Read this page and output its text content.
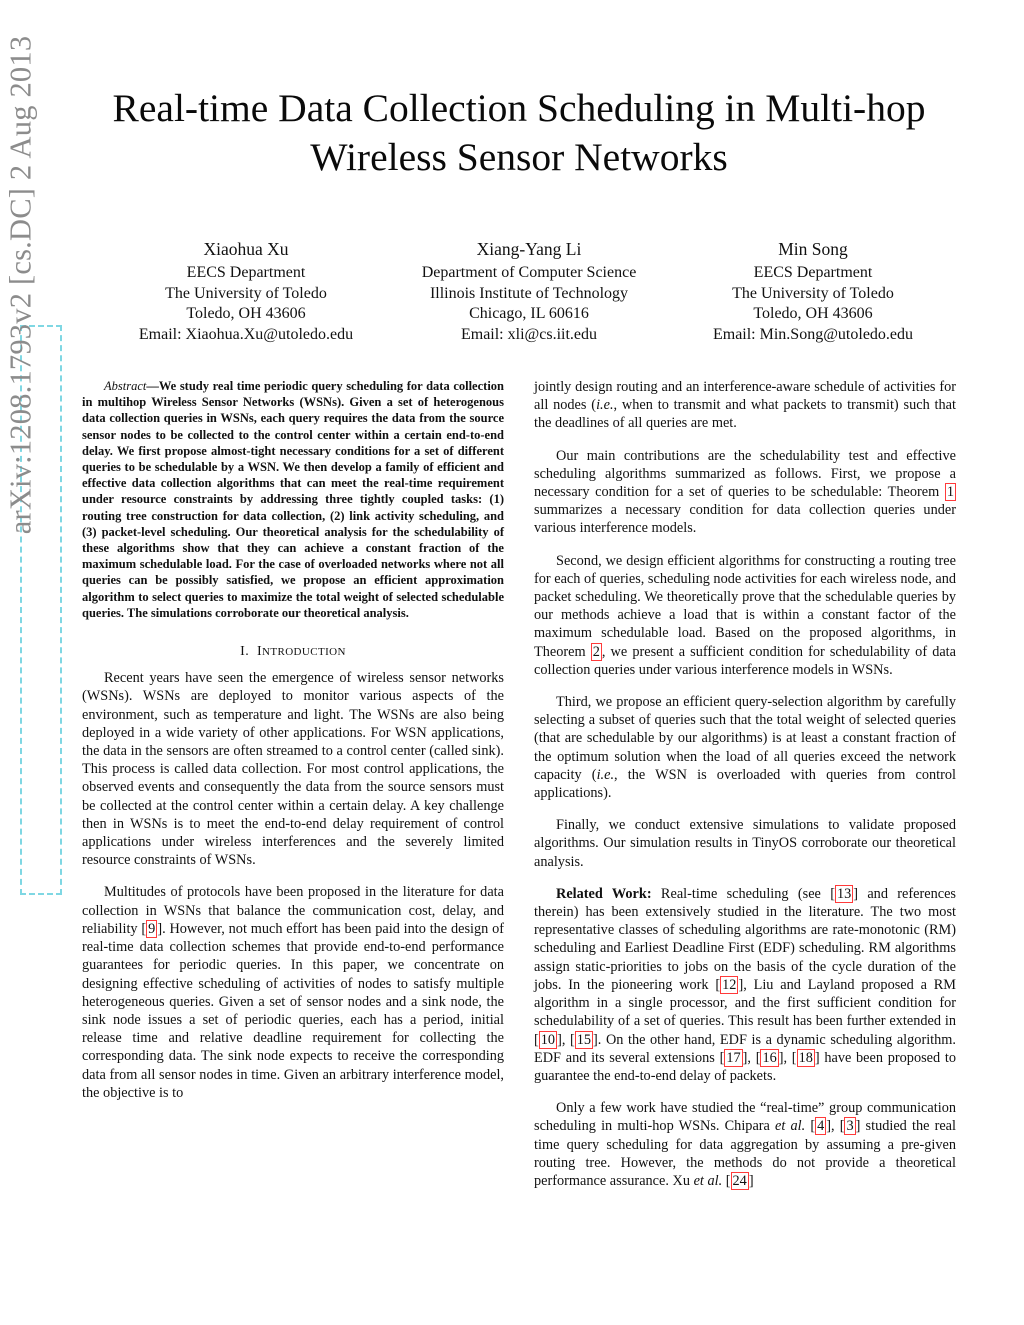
arXiv:1208.1793v2 [cs.DC] 2 Aug 2013	Real-time Data Collection Scheduling in Multi-hop Wireless Sensor Networks
Xiaohua Xu
EECS Department
The University of Toledo
Toledo, OH 43606
Email: Xiaohua.Xu@utoledo.edu
Xiang-Yang Li
Department of Computer Science
Illinois Institute of Technology
Chicago, IL 60616
Email: xli@cs.iit.edu
Min Song
EECS Department
The University of Toledo
Toledo, OH 43606
Email: Min.Song@utoledo.edu

Abstract—We study real time periodic query scheduling for data collection in multihop Wireless Sensor Networks (WSNs). Given a set of heterogenous data collection queries in WSNs, each query requires the data from the source sensor nodes to be collected to the control center within a certain end-to-end delay. We first propose almost-tight necessary conditions for a set of different queries to be schedulable by a WSN. We then develop a family of efficient and effective data collection algorithms that can meet the real-time requirement under resource constraints by addressing three tightly coupled tasks: (1) routing tree construction for data collection, (2) link activity scheduling, and (3) packet-level scheduling. Our theoretical analysis for the schedulability of these algorithms show that they can achieve a constant fraction of the maximum schedulable load. For the case of overloaded networks where not all queries can be possibly satisfied, we propose an efficient approximation algorithm to select queries to maximize the total weight of selected schedulable queries. The simulations corroborate our theoretical analysis.

I. INTRODUCTION

Recent years have seen the emergence of wireless sensor networks (WSNs). WSNs are deployed to monitor various aspects of the environment, such as temperature and light. The WSNs are also being deployed in a wide variety of other applications. For WSN applications, the data in the sensors are often streamed to a control center (called sink). This process is called data collection. For most control applications, the observed events and consequently the data from the source sensors must be collected at the control center within a certain delay. A key challenge then in WSNs is to meet the end-to-end delay requirement of control applications under wireless interferences and the severely limited resource constraints of WSNs.

Multitudes of protocols have been proposed in the literature for data collection in WSNs that balance the communication cost, delay, and reliability [ 9 ]. However, not much effort has been paid into the design of real-time data collection schemes that provide end-to-end performance guarantees for periodic queries. In this paper, we concentrate on designing effective scheduling of activities of nodes to satisfy multiple heterogeneous queries. Given a set of sensor nodes and a sink node, the sink node issues a set of periodic queries, each has a period, initial release time and relative deadline requirement for collecting the corresponding data. The sink node expects to receive the corresponding data from all sensor nodes in time. Given an arbitrary interference model, the objective is to

jointly design routing and an interference-aware schedule of activities for all nodes (i.e., when to transmit and what packets to transmit) such that the deadlines of all queries are met.

Our main contributions are the schedulability test and effective scheduling algorithms summarized as follows. First, we propose a necessary condition for a set of queries to be schedulable: Theorem 1 summarizes a necessary condition for data collection queries under various interference models.

Second, we design efficient algorithms for constructing a routing tree for each of queries, scheduling node activities for each wireless node, and packet scheduling. We theoretically prove that the schedulable queries by our methods achieve a load that is within a constant factor of the maximum schedulable load. Based on the proposed algorithms, in Theorem 2 , we present a sufficient condition for schedulability of data collection queries under various interference models in WSNs.

Third, we propose an efficient query-selection algorithm by carefully selecting a subset of queries such that the total weight of selected queries (that are schedulable by our algorithms) is at least a constant fraction of the optimum solution when the load of all queries exceed the network capacity (i.e., the WSN is overloaded with queries from control applications).

Finally, we conduct extensive simulations to validate proposed algorithms. Our simulation results in TinyOS corroborate our theoretical analysis.

Related Work: Real-time scheduling (see [ 13 ] and references therein) has been extensively studied in the literature. The two most representative classes of scheduling algorithms are rate-monotonic (RM) scheduling and Earliest Deadline First (EDF) scheduling. RM algorithms assign static-priorities to jobs on the basis of the cycle duration of the jobs. In the pioneering work [ 12 ], Liu and Layland proposed a RM algorithm in a single processor, and the first sufficient condition for schedulability of a set of queries. This result has been further extended in [ 10 ], [ 15 ]. On the other hand, EDF is a dynamic scheduling algorithm. EDF and its several extensions [ 17 ], [ 16 ], [ 18 ] have been proposed to guarantee the end-to-end delay of packets.

Only a few work have studied the “real-time” group communication scheduling in multi-hop WSNs. Chipara et al. [ 4 ], [ 3 ] studied the real time query scheduling for data aggregation by assuming a pre-given routing tree. However, the methods do not provide a theoretical performance assurance. Xu et al. [ 24 ]
